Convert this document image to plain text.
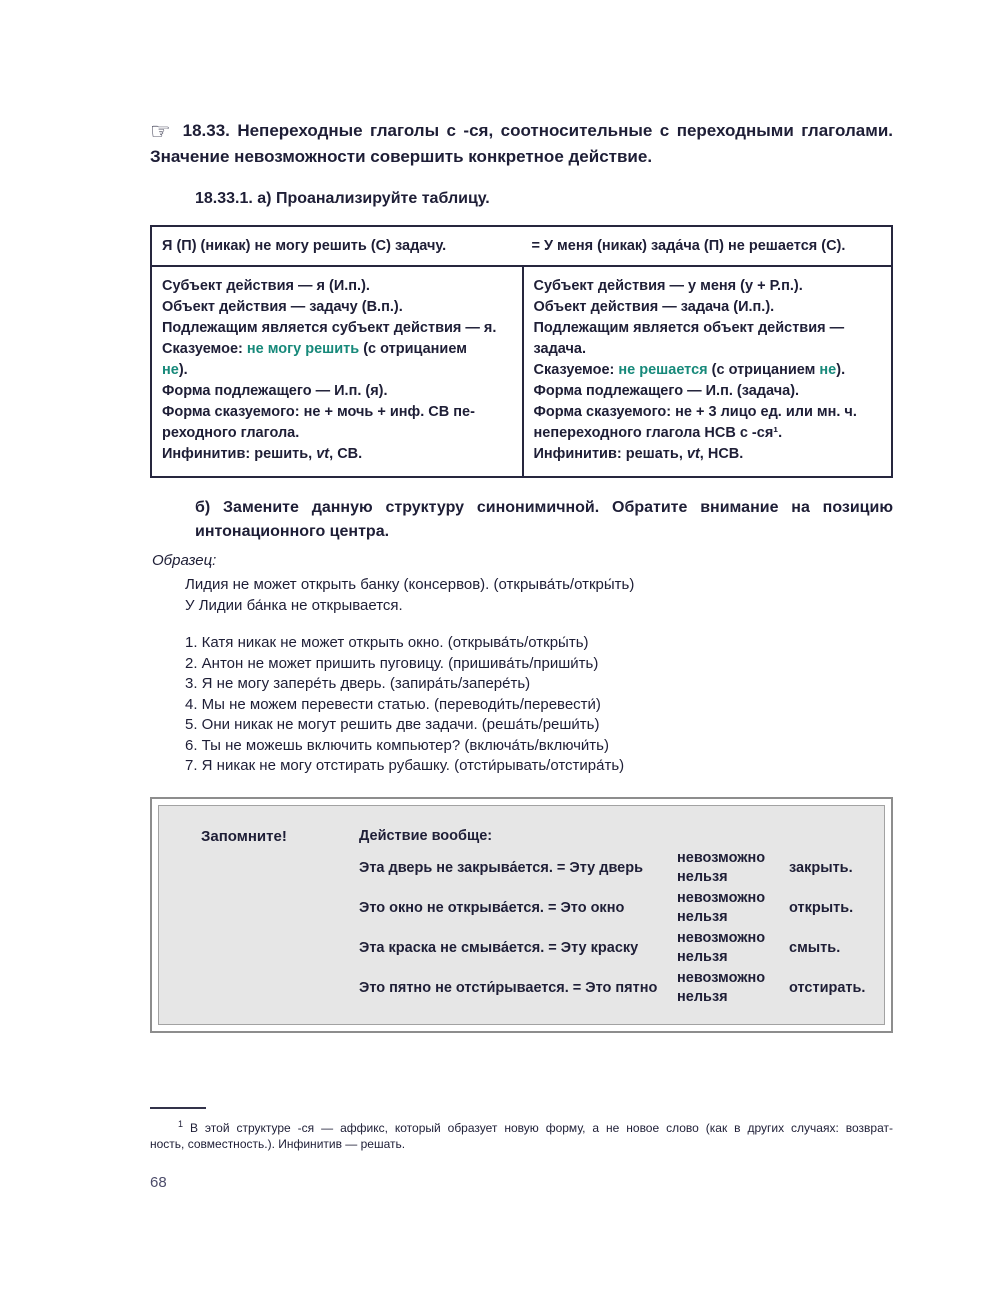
☞ 18.33. Непереходные глаголы с -ся, соотносительные с переходными глаголами.

Значение невозможности совершить конкретное действие.

18.33.1. а) Проанализируйте таблицу.

Я (П) (никак) не могу решить (С) задачу.	= У меня (никак) зада́ча (П) не решается (С).
Субъект действия — я (И.п.).
Объект действия — задачу (В.п.).
Подлежащим является субъект действия — я.
Сказуемое: не могу решить (с отрицанием
не).
Форма подлежащего — И.п. (я).
Форма сказуемого: не + мочь + инф. СВ пе-
реходного глагола.
Инфинитив: решить, vt, СВ.
Субъект действия — у меня (у + Р.п.).
Объект действия — задача (И.п.).
Подлежащим является объект действия —
задача.
Сказуемое: не решается (с отрицанием не).
Форма подлежащего — И.п. (задача).
Форма сказуемого: не + 3 лицо ед. или мн. ч.
непереходного глагола НСВ с -ся¹.
Инфинитив: решать, vt, НСВ.

б) Замените данную структуру синонимичной. Обратите внимание на позицию

интонационного центра.

Образец:

Лидия не может открыть банку (консервов). (открыва́ть/откры́ть)

У Лидии ба́нка не открывается.

1. Катя никак не может открыть окно. (открыва́ть/откры́ть)

2. Антон не может пришить пуговицу. (пришива́ть/приши́ть)

3. Я не могу запере́ть дверь. (запира́ть/запере́ть)

4. Мы не можем перевести статью. (переводи́ть/перевести́)

5. Они никак не могут решить две задачи. (реша́ть/реши́ть)

6. Ты не можешь включить компьютер? (включа́ть/включи́ть)

7. Я никак не могу отстирать рубашку. (отсти́рывать/отстира́ть)

Запомните!	Действие вообще:

Эта дверь не закрыва́ется. = Эту дверь
невозможно
нельзя
закрыть.
Это окно не открыва́ется. = Это окно
невозможно
нельзя
открыть.
Эта краска не смыва́ется. = Эту краску
невозможно
нельзя
смыть.
Это пятно не отсти́рывается. = Это пятно
невозможно
нельзя
отстирать.

$^1$ В этой структуре -ся — аффикс, который образует новую форму, а не новое слово (как в других случаях: возврат-

ность, совместность.). Инфинитив — решать.

68
